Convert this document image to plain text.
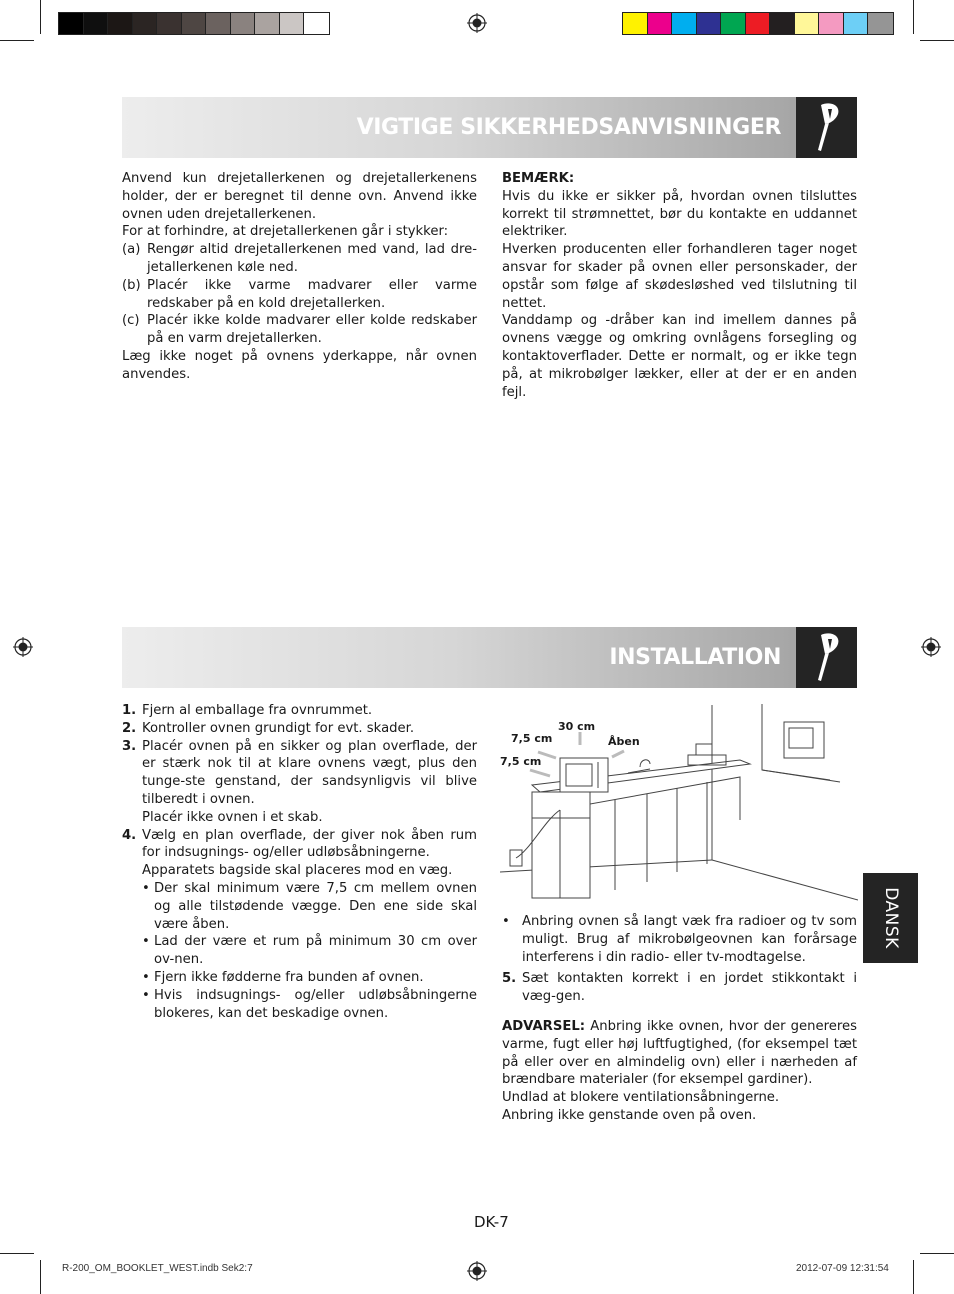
VIGTIGE SIKKERHEDSANVISNINGER

Anvend kun drejetallerkenen og drejetallerkenens holder, der er beregnet til denne ovn. Anvend ikke ovnen uden drejetallerkenen.

For at forhindre, at drejetallerkenen går i stykker:

(a) Rengør altid drejetallerkenen med vand, lad dre-jetallerkenen køle ned.
(b) Placér ikke varme madvarer eller varme redskaber på en kold drejetallerken.
(c) Placér ikke kolde madvarer eller kolde redskaber på en varm drejetallerken.

Læg ikke noget på ovnens yderkappe, når ovnen anvendes.

BEMÆRK:

Hvis du ikke er sikker på, hvordan ovnen tilsluttes korrekt til strømnettet, bør du kontakte en uddannet elektriker.

Hverken producenten eller forhandleren tager noget ansvar for skader på ovnen eller personskader, der opstår som følge af skødesløshed ved tilslutning til nettet.

Vanddamp og -dråber kan ind imellem dannes på ovnens vægge og omkring ovnlågens forsegling og kontaktoverflader. Dette er normalt, og er ikke tegn på, at mikrobølger lækker, eller at der er en anden fejl.

INSTALLATION
1. Fjern al emballage fra ovnrummet.
2. Kontroller ovnen grundigt for evt. skader.
3. Placér ovnen på en sikker og plan overflade, der er stærk nok til at klare ovnens vægt, plus den tunge-ste genstand, der sandsynligvis vil blive tilberedt i ovnen.

Placér ikke ovnen i et skab.

4. Vælg en plan overflade, der giver nok åben rum for indsugnings- og/eller udløbsåbningerne.

Apparatets bagside skal placeres mod en væg.

• Der skal minimum være 7,5 cm mellem ovnen og alle tilstødende vægge. Den ene side skal være åben.
• Lad der være et rum på minimum 30 cm over ov-nen.
• Fjern ikke fødderne fra bunden af ovnen.
• Hvis indsugnings- og/eller udløbsåbningerne blokeres, kan det beskadige ovnen.
30 cm
7,5 cm
7,5 cm
Åben
• Anbring ovnen så langt væk fra radioer og tv som muligt. Brug af mikrobølgeovnen kan forårsage interferens i din radio- eller tv-modtagelse.
5. Sæt kontakten korrekt i en jordet stikkontakt i væg-gen.

ADVARSEL: Anbring ikke ovnen, hvor der genereres varme, fugt eller høj luftfugtighed, (for eksempel tæt på eller over en almindelig ovn) eller i nærheden af brændbare materialer (for eksempel gardiner).

Undlad at blokere ventilationsåbningerne.

Anbring ikke genstande oven på oven.

DANSK
DK-7
R-200_OM_BOOKLET_WEST.indb Sek2:7	2012-07-09 12:31:54
